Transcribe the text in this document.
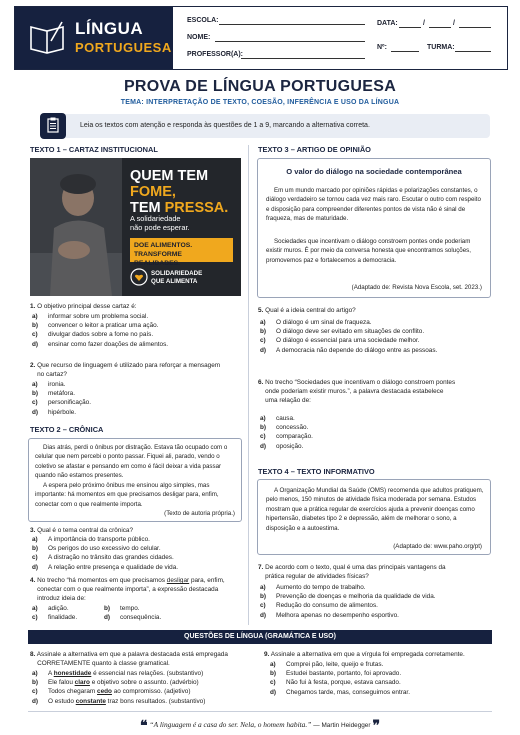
LÍNGUA
PORTUGUESA
ESCOLA:
NOME:
PROFESSOR(A):
DATA:	/	/
Nº:	TURMA:
PROVA DE LÍNGUA PORTUGUESA
TEMA: INTERPRETAÇÃO DE TEXTO, COESÃO, INFERÊNCIA E USO DA LÍNGUA
Leia os textos com atenção e responda às questões de 1 a 9, marcando a alternativa correta.
TEXTO 1 – CARTAZ INSTITUCIONAL
QUEM TEM FOME,
TEM PRESSA.
A solidariedade
não pode esperar.
DOE ALIMENTOS.
TRANSFORME REALIDADES.
SOLIDARIEDADE
QUE ALIMENTA
1. O objetivo principal desse cartaz é:
a) informar sobre um problema social.
b) convencer o leitor a praticar uma ação.
c) divulgar dados sobre a fome no país.
d) ensinar como fazer doações de alimentos.
2. Que recurso de linguagem é utilizado para reforçar a mensagem
no cartaz?
a) ironia.
b) metáfora.
c) personificação.
d) hipérbole.
TEXTO 2 – CRÔNICA
Dias atrás, perdi o ônibus por distração. Estava tão ocupado com o celular que nem percebi o ponto passar. Fiquei ali, parado, vendo o coletivo se afastar e pensando em como é fácil deixar a vida passar quando não estamos presentes.
A espera pelo próximo ônibus me ensinou algo simples, mas importante: há momentos em que precisamos desligar para, enfim, conectar com o que realmente importa.
(Texto de autoria própria.)
3. Qual é o tema central da crônica?
a) A importância do transporte público.
b) Os perigos do uso excessivo do celular.
c) A distração no trânsito das grandes cidades.
d) A relação entre presença e qualidade de vida.
4. No trecho “há momentos em que precisamos desligar para, enfim,
conectar com o que realmente importa”, a expressão destacada
introduz ideia de:
a) adição.
c) finalidade.
b) tempo.
d) consequência.
TEXTO 3 – ARTIGO DE OPINIÃO
O valor do diálogo na sociedade contemporânea
Em um mundo marcado por opiniões rápidas e polarizações constantes, o diálogo verdadeiro se tornou cada vez mais raro. Escutar o outro com respeito e disposição para compreender diferentes pontos de vista não é sinal de fraqueza, mas de maturidade.
Sociedades que incentivam o diálogo constroem pontes onde poderiam existir muros. É por meio da conversa honesta que encontramos soluções, promovemos paz e fortalecemos a democracia.
(Adaptado de: Revista Nova Escola, set. 2023.)
5. Qual é a ideia central do artigo?
a) O diálogo é um sinal de fraqueza.
b) O diálogo deve ser evitado em situações de conflito.
c) O diálogo é essencial para uma sociedade melhor.
d) A democracia não depende do diálogo entre as pessoas.
6. No trecho “Sociedades que incentivam o diálogo constroem pontes
onde poderiam existir muros.”, a palavra destacada estabelece
uma relação de:
a) causa.
b) concessão.
c) comparação.
d) oposição.
TEXTO 4 – TEXTO INFORMATIVO
A Organização Mundial da Saúde (OMS) recomenda que adultos pratiquem, pelo menos, 150 minutos de atividade física moderada por semana. Estudos mostram que a prática regular de exercícios ajuda a prevenir doenças como hipertensão, diabetes tipo 2 e depressão, além de melhorar o sono, a disposição e a autoestima.
(Adaptado de: www.paho.org/pt)
7. De acordo com o texto, qual é uma das principais vantagens da
prática regular de atividades físicas?
a) Aumento do tempo de trabalho.
b) Prevenção de doenças e melhoria da qualidade de vida.
c) Redução do consumo de alimentos.
d) Melhora apenas no desempenho esportivo.
QUESTÕES DE LÍNGUA (GRAMÁTICA E USO)
8. Assinale a alternativa em que a palavra destacada está empregada
CORRETAMENTE quanto à classe gramatical.
a) A honestidade é essencial nas relações. (substantivo)
b) Ele falou claro e objetivo sobre o assunto. (advérbio)
c) Todos chegaram cedo ao compromisso. (adjetivo)
d) O estudo constante traz bons resultados. (substantivo)
9. Assinale a alternativa em que a vírgula foi empregada corretamente.
a) Comprei pão, leite, queijo e frutas.
b) Estudei bastante, portanto, foi aprovado.
c) Não fui à festa, porque, estava cansado.
d) Chegamos tarde, mas, conseguimos entrar.
❝ “A linguagem é a casa do ser. Nela, o homem habita.” — Martin Heidegger ❞
